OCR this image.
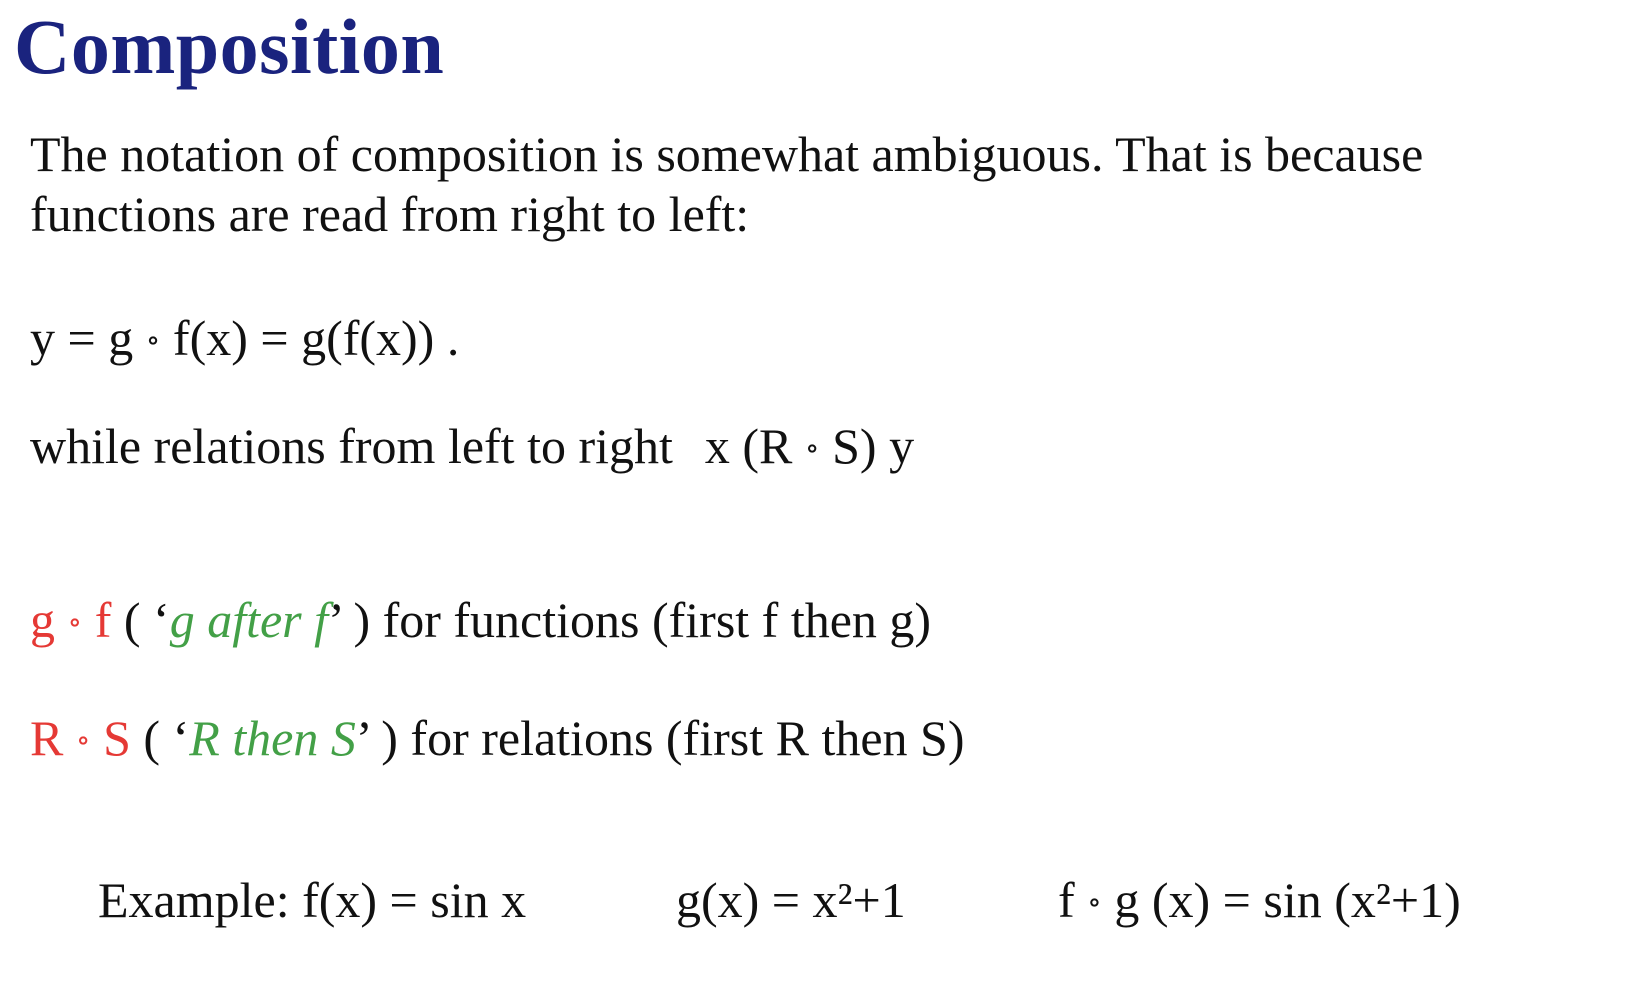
Composition
The notation of composition is somewhat ambiguous. That is because
functions are read from right to left:
y = g ∘ f(x) = g(f(x)) .
while relations from left to right x (R ∘ S) y
g ∘ f ( ‘g after f’ ) for functions (first f then g)
R ∘ S ( ‘R then S’ ) for relations (first R then S)
Example: f(x) = sin x	g(x) = x²+1	f ∘ g (x) = sin (x²+1)
